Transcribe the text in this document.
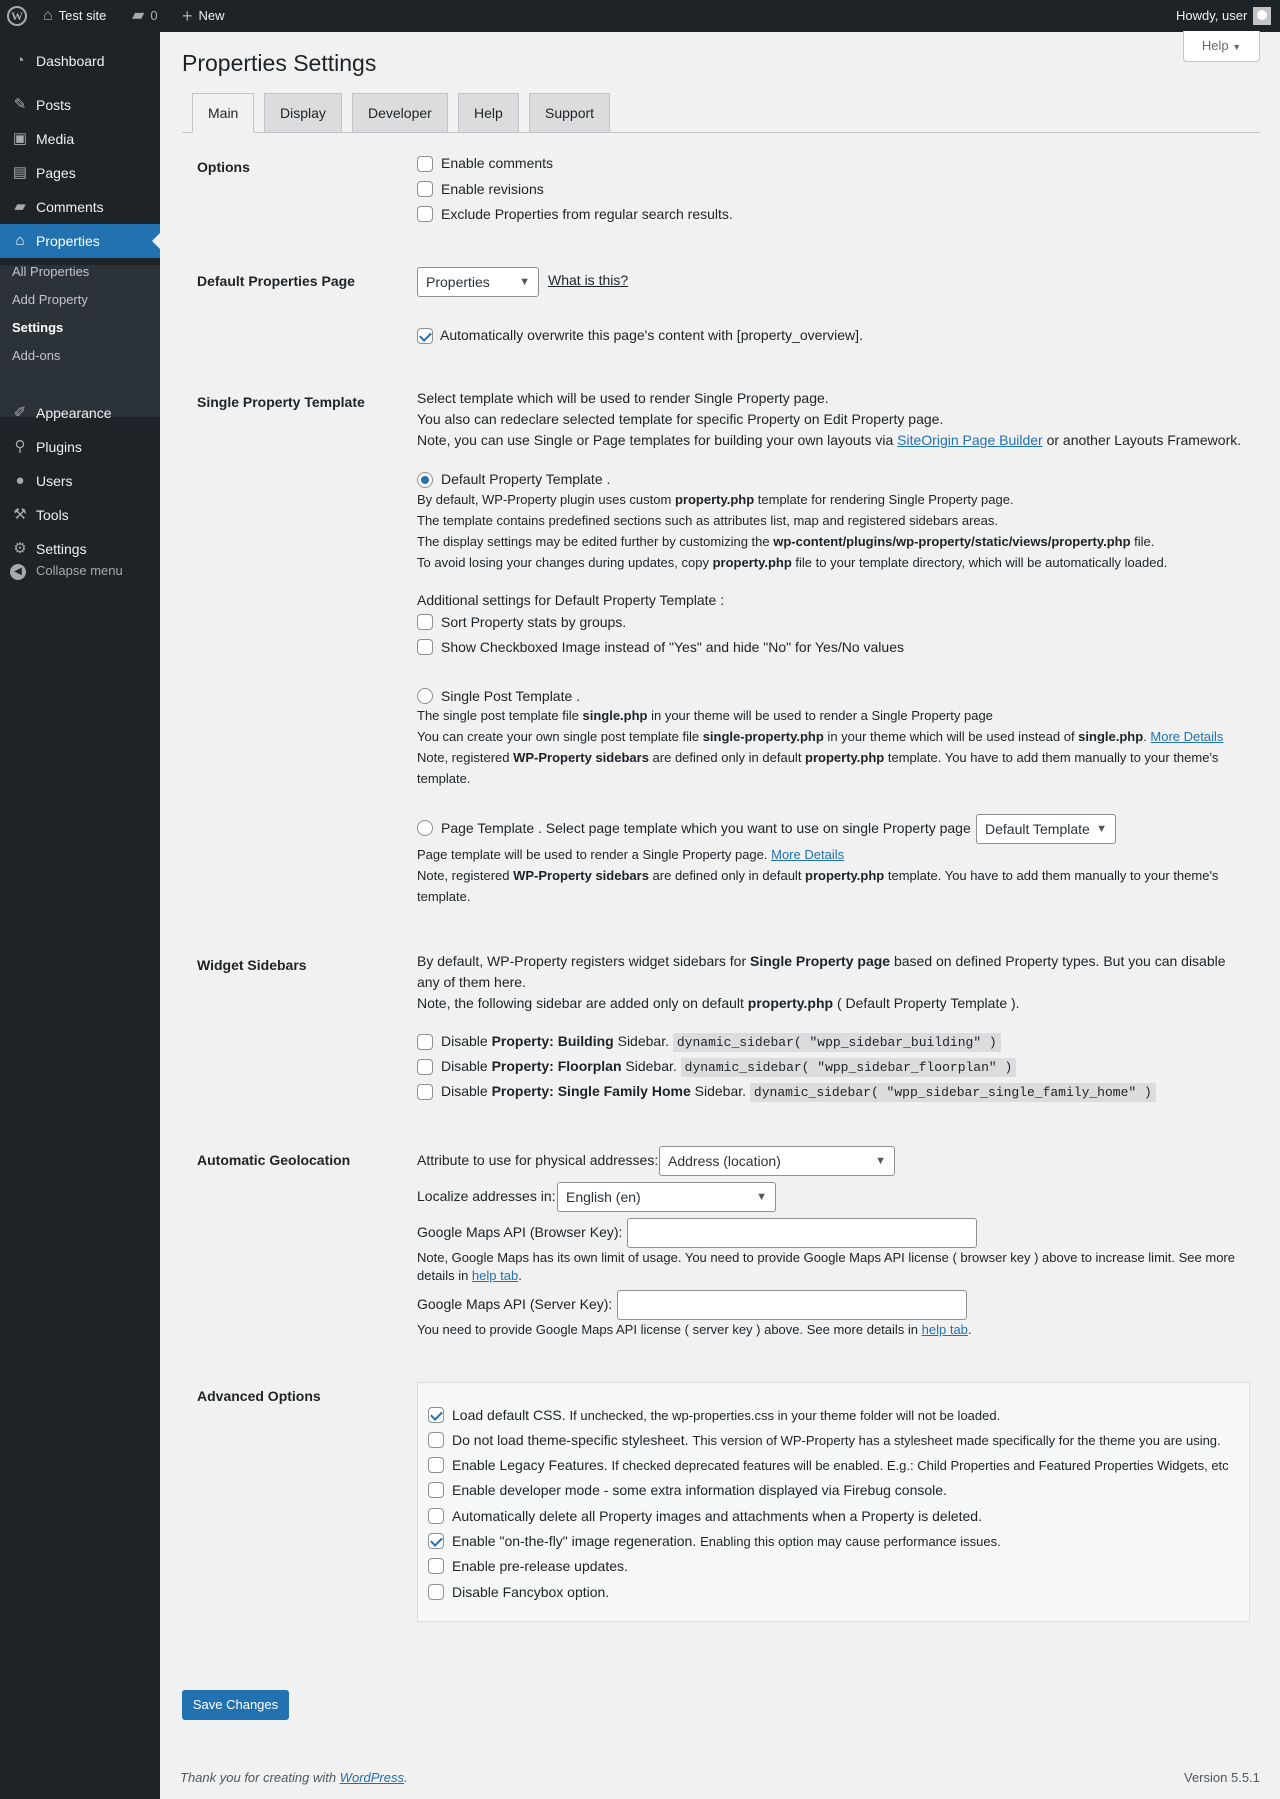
W ⌂ Test site ▰ 0 + New	Howdy, user
◔ Dashboard
✎ Posts
▣ Media
▤ Pages
▰ Comments
⌂ Properties
All Properties
Add Property
Settings
Add-ons
✐ Appearance
⚲ Plugins
● Users
⚒ Tools
⚙ Settings
◀	Collapse menu
Help ▼
Properties Settings
Main	Display	Developer	Help	Support
Options	Enable comments
Enable revisions
Exclude Properties from regular search results.
Default Properties Page	Properties	▼ What is this?
Automatically overwrite this page's content with [property_overview].
Single Property Template	Select template which will be used to render Single Property page.
You also can redeclare selected template for specific Property on Edit Property page.
Note, you can use Single or Page templates for building your own layouts via SiteOrigin Page Builder or another Layouts Framework.
Default Property Template .
By default, WP-Property plugin uses custom property.php template for rendering Single Property page.
The template contains predefined sections such as attributes list, map and registered sidebars areas.
The display settings may be edited further by customizing the wp-content/plugins/wp-property/static/views/property.php file.
To avoid losing your changes during updates, copy property.php file to your template directory, which will be automatically loaded.
Additional settings for Default Property Template :
Sort Property stats by groups.
Show Checkboxed Image instead of "Yes" and hide "No" for Yes/No values
Single Post Template .
The single post template file single.php in your theme will be used to render a Single Property page
You can create your own single post template file single-property.php in your theme which will be used instead of single.php. More Details
Note, registered WP-Property sidebars are defined only in default property.php template. You have to add them manually to your theme's
template.
Page Template . Select page template which you want to use on single Property page	Default Template ▼
Page template will be used to render a Single Property page. More Details
Note, registered WP-Property sidebars are defined only in default property.php template. You have to add them manually to your theme's
template.
Widget Sidebars	By default, WP-Property registers widget sidebars for Single Property page based on defined Property types. But you can disable
any of them here.
Note, the following sidebar are added only on default property.php ( Default Property Template ).
Disable Property: Building Sidebar. dynamic_sidebar( "wpp_sidebar_building" )
Disable Property: Floorplan Sidebar. dynamic_sidebar( "wpp_sidebar_floorplan" )
Disable Property: Single Family Home Sidebar. dynamic_sidebar( "wpp_sidebar_single_family_home" )
Automatic Geolocation	Attribute to use for physical addresses: Address (location)	▼
Localize addresses in: English (en)	▼
Google Maps API (Browser Key):
Note, Google Maps has its own limit of usage. You need to provide Google Maps API license ( browser key ) above to increase limit. See more
details in help tab.
Google Maps API (Server Key):
You need to provide Google Maps API license ( server key ) above. See more details in help tab.
Advanced Options
Load default CSS. If unchecked, the wp-properties.css in your theme folder will not be loaded.
Do not load theme-specific stylesheet. This version of WP-Property has a stylesheet made specifically for the theme you are using.
Enable Legacy Features. If checked deprecated features will be enabled. E.g.: Child Properties and Featured Properties Widgets, etc
Enable developer mode - some extra information displayed via Firebug console.
Automatically delete all Property images and attachments when a Property is deleted.
Enable "on-the-fly" image regeneration. Enabling this option may cause performance issues.
Enable pre-release updates.
Disable Fancybox option.
Save Changes
Thank you for creating with WordPress.	Version 5.5.1
